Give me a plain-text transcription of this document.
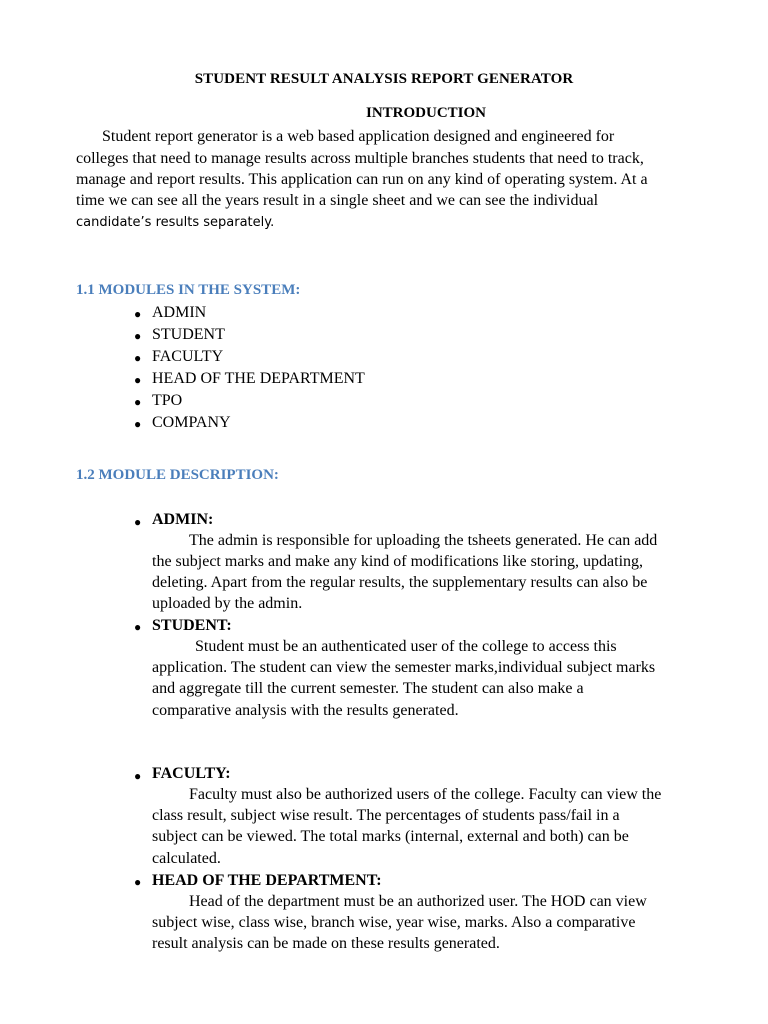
STUDENT RESULT ANALYSIS REPORT GENERATOR
INTRODUCTION
Student report generator is a web based application designed and engineered for
colleges that need to manage results across multiple branches students that need to track,
manage and report results. This application can run on any kind of operating system. At a
time we can see all the years result in a single sheet and we can see the individual
candidate’s results separately.
1.1 MODULES IN THE SYSTEM:
● ADMIN
● STUDENT
● FACULTY
● HEAD OF THE DEPARTMENT
● TPO
● COMPANY
1.2 MODULE DESCRIPTION:
● ADMIN:
The admin is responsible for uploading the tsheets generated. He can add
the subject marks and make any kind of modifications like storing, updating,
deleting. Apart from the regular results, the supplementary results can also be
uploaded by the admin.
● STUDENT:
Student must be an authenticated user of the college to access this
application. The student can view the semester marks,individual subject marks
and aggregate till the current semester. The student can also make a
comparative analysis with the results generated.
● FACULTY:
Faculty must also be authorized users of the college. Faculty can view the
class result, subject wise result. The percentages of students pass/fail in a
subject can be viewed. The total marks (internal, external and both) can be
calculated.
● HEAD OF THE DEPARTMENT:
Head of the department must be an authorized user. The HOD can view
subject wise, class wise, branch wise, year wise, marks. Also a comparative
result analysis can be made on these results generated.
